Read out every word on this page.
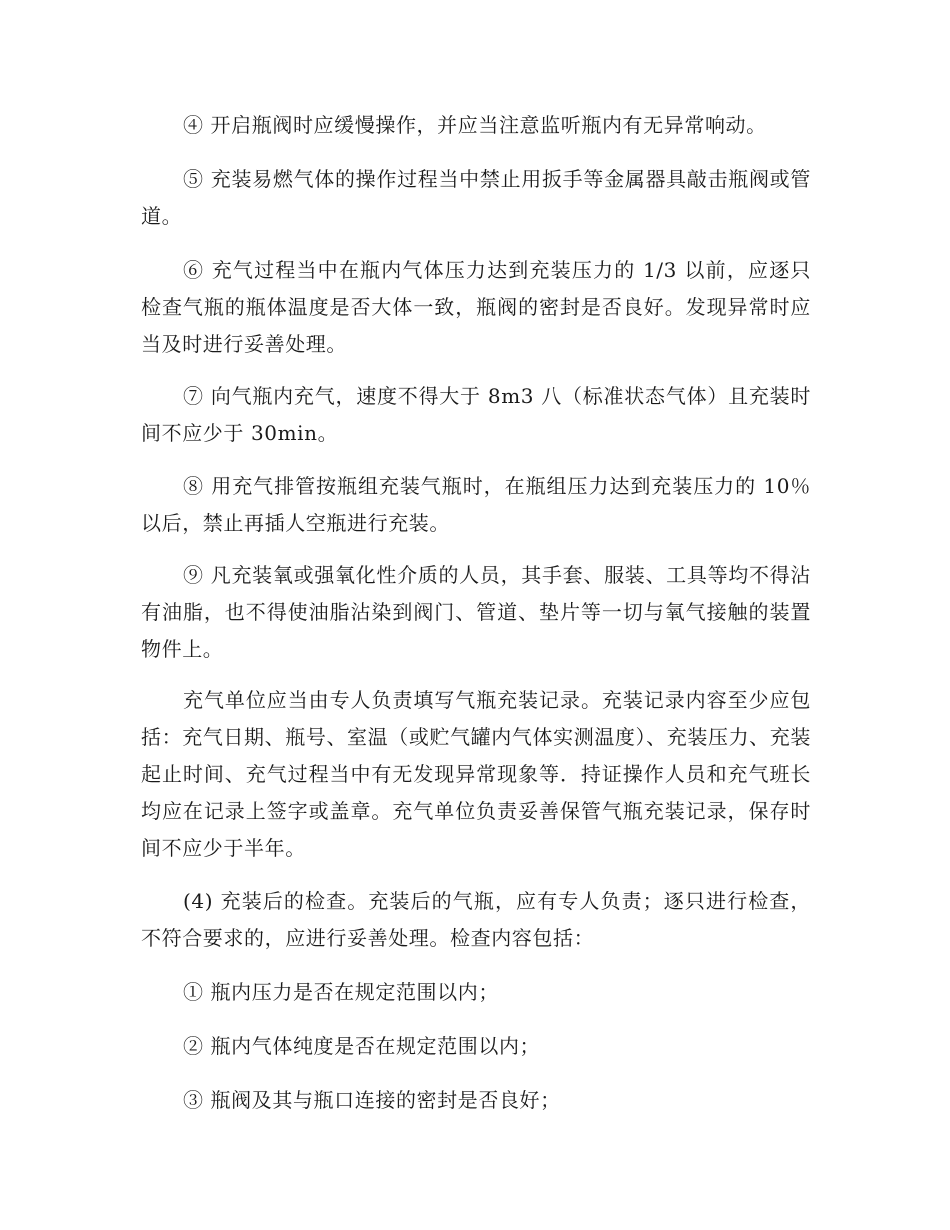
④ 开启瓶阀时应缓慢操作，并应当注意监听瓶内有无异常响动。

⑤ 充装易燃气体的操作过程当中禁止用扳手等金属器具敲击瓶阀或管道。

⑥ 充气过程当中在瓶内气体压力达到充装压力的 1/3 以前，应逐只检查气瓶的瓶体温度是否大体一致，瓶阀的密封是否良好。发现异常时应当及时进行妥善处理。

⑦ 向气瓶内充气，速度不得大于 8m3 八（标准状态气体）且充装时间不应少于 30min。

⑧ 用充气排管按瓶组充装气瓶时，在瓶组压力达到充装压力的 10％以后，禁止再插人空瓶进行充装。

⑨ 凡充装氧或强氧化性介质的人员，其手套、服装、工具等均不得沾有油脂，也不得使油脂沾染到阀门、管道、垫片等一切与氧气接触的装置物件上。

充气单位应当由专人负责填写气瓶充装记录。充装记录内容至少应包括：充气日期、瓶号、室温（或贮气罐内气体实测温度）、充装压力、充装起止时间、充气过程当中有无发现异常现象等．持证操作人员和充气班长均应在记录上签字或盖章。充气单位负责妥善保管气瓶充装记录，保存时间不应少于半年。

(4) 充装后的检查。充装后的气瓶，应有专人负责；逐只进行检查，不符合要求的，应进行妥善处理。检查内容包括：

① 瓶内压力是否在规定范围以内；

② 瓶内气体纯度是否在规定范围以内；

③ 瓶阀及其与瓶口连接的密封是否良好；
